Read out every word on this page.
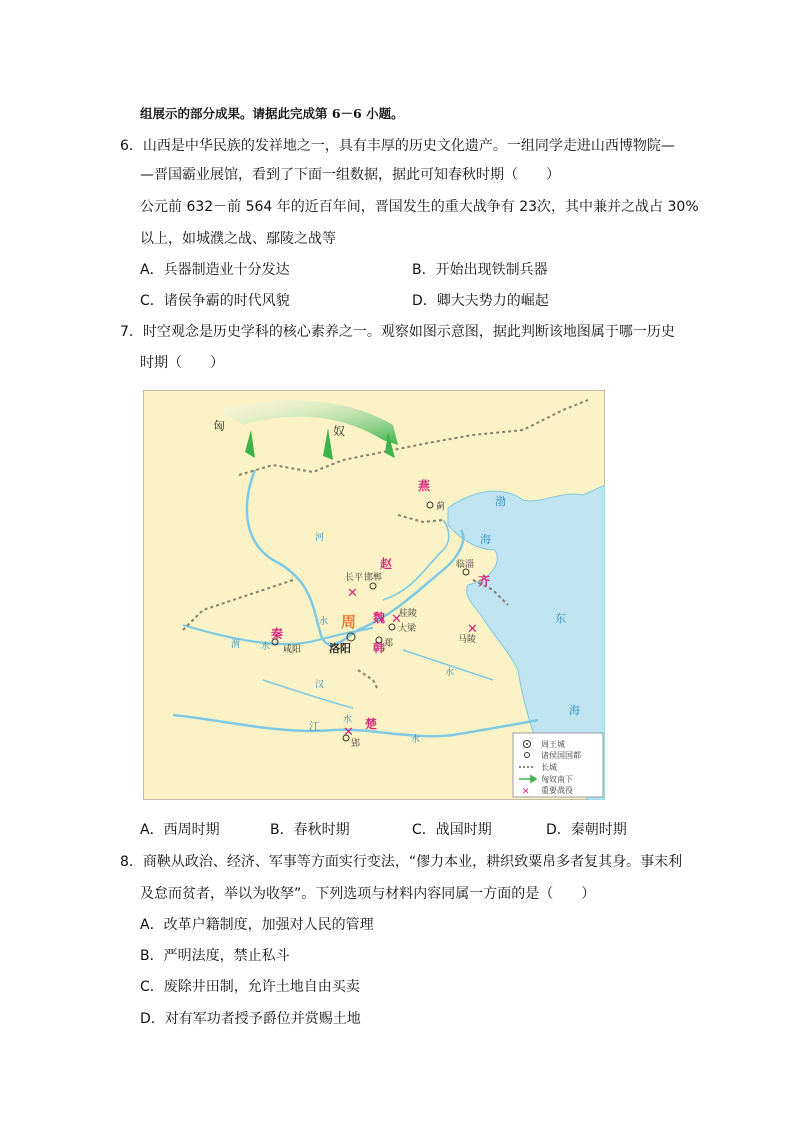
组展示的部分成果。请据此完成第 6－6 小题。
6．山西是中华民族的发祥地之一，具有丰厚的历史文化遗产。一组同学走进山西博物院—
—晋国霸业展馆，看到了下面一组数据，据此可知春秋时期（　　）
公元前 632－前 564 年的近百年间，晋国发生的重大战争有 23次，其中兼并之战占 30%
以上，如城濮之战、鄢陵之战等
A．兵器制造业十分发达	B．开始出现铁制兵器
C．诸侯争霸的时代风貌	D．卿大夫势力的崛起
7．时空观念是历史学科的核心素养之一。观察如图示意图，据此判断该地图属于哪一历史
时期（　　）
匈	奴
燕
赵
齐
魏
韩
秦
楚
周
蓟
邯郸
临淄
长平
桂陵
大梁
马陵
洛阳	郑
咸阳
郢
✕
✕
✕
✕
渤
海
东
海
河
水
渭 水
汉
水
江
水
水
周王城
诸侯国国都
长城
匈奴南下
✕ 重要战役
A．西周时期	B．春秋时期	C．战国时期	D．秦朝时期
8．商鞅从政治、经济、军事等方面实行变法，“僇力本业，耕织致粟帛多者复其身。事末利
及怠而贫者，举以为收孥”。下列选项与材料内容同属一方面的是（　　）
A．改革户籍制度，加强对人民的管理
B．严明法度，禁止私斗
C．废除井田制，允许土地自由买卖
D．对有军功者授予爵位并赏赐土地
